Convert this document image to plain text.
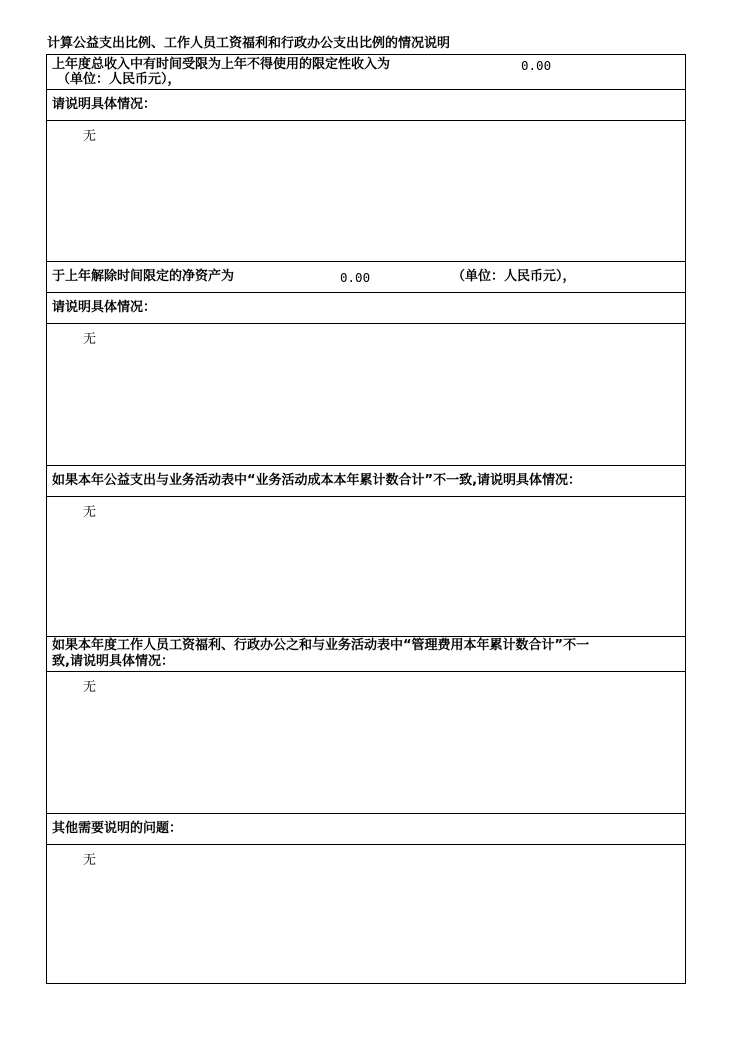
计算公益支出比例、工作人员工资福利和行政办公支出比例的情况说明
上年度总收入中有时间受限为上年不得使用的限定性收入为	0.00
（单位：人民币元），
请说明具体情况：
无
于上年解除时间限定的净资产为	0.00	（单位：人民币元），
请说明具体情况：
无
如果本年公益支出与业务活动表中“业务活动成本本年累计数合计”不一致,请说明具体情况：
无
如果本年度工作人员工资福利、行政办公之和与业务活动表中“管理费用本年累计数合计”不一
致,请说明具体情况：
无
其他需要说明的问题：
无
